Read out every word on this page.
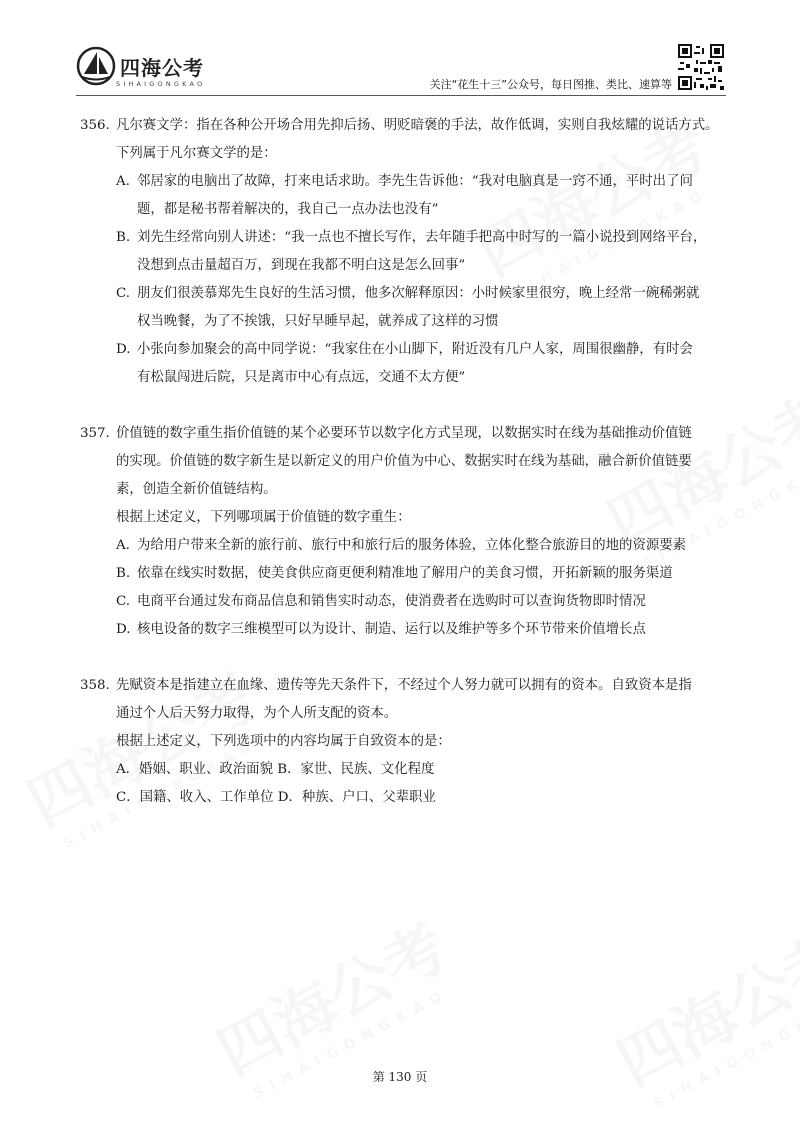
四海公考
SIHAIGONGKAO	关注“花生十三”公众号，每日图推、类比、速算等
356. 凡尔赛文学：指在各种公开场合用先抑后扬、明贬暗褒的手法，故作低调，实则自我炫耀的说话方式。
下列属于凡尔赛文学的是：
A. 邻居家的电脑出了故障，打来电话求助。李先生告诉他：“我对电脑真是一窍不通，平时出了问
题，都是秘书帮着解决的，我自己一点办法也没有”
B. 刘先生经常向别人讲述：“我一点也不擅长写作，去年随手把高中时写的一篇小说投到网络平台，
没想到点击量超百万，到现在我都不明白这是怎么回事”
C. 朋友们很羡慕郑先生良好的生活习惯，他多次解释原因：小时候家里很穷，晚上经常一碗稀粥就
权当晚餐，为了不挨饿，只好早睡早起，就养成了这样的习惯
D. 小张向参加聚会的高中同学说：“我家住在小山脚下，附近没有几户人家，周围很幽静，有时会
有松鼠闯进后院，只是离市中心有点远，交通不太方便”
357. 价值链的数字重生指价值链的某个必要环节以数字化方式呈现，以数据实时在线为基础推动价值链
的实现。价值链的数字新生是以新定义的用户价值为中心、数据实时在线为基础，融合新价值链要
素，创造全新价值链结构。
根据上述定义，下列哪项属于价值链的数字重生：
A. 为给用户带来全新的旅行前、旅行中和旅行后的服务体验，立体化整合旅游目的地的资源要素
B. 依靠在线实时数据，使美食供应商更便利精准地了解用户的美食习惯，开拓新颖的服务渠道
C. 电商平台通过发布商品信息和销售实时动态，使消费者在选购时可以查询货物即时情况
D. 核电设备的数字三维模型可以为设计、制造、运行以及维护等多个环节带来价值增长点
358. 先赋资本是指建立在血缘、遗传等先天条件下，不经过个人努力就可以拥有的资本。自致资本是指
通过个人后天努力取得，为个人所支配的资本。
根据上述定义，下列选项中的内容均属于自致资本的是：
A．婚姻、职业、政治面貌 B．家世、民族、文化程度
C．国籍、收入、工作单位 D．种族、户口、父辈职业
第 130 页
